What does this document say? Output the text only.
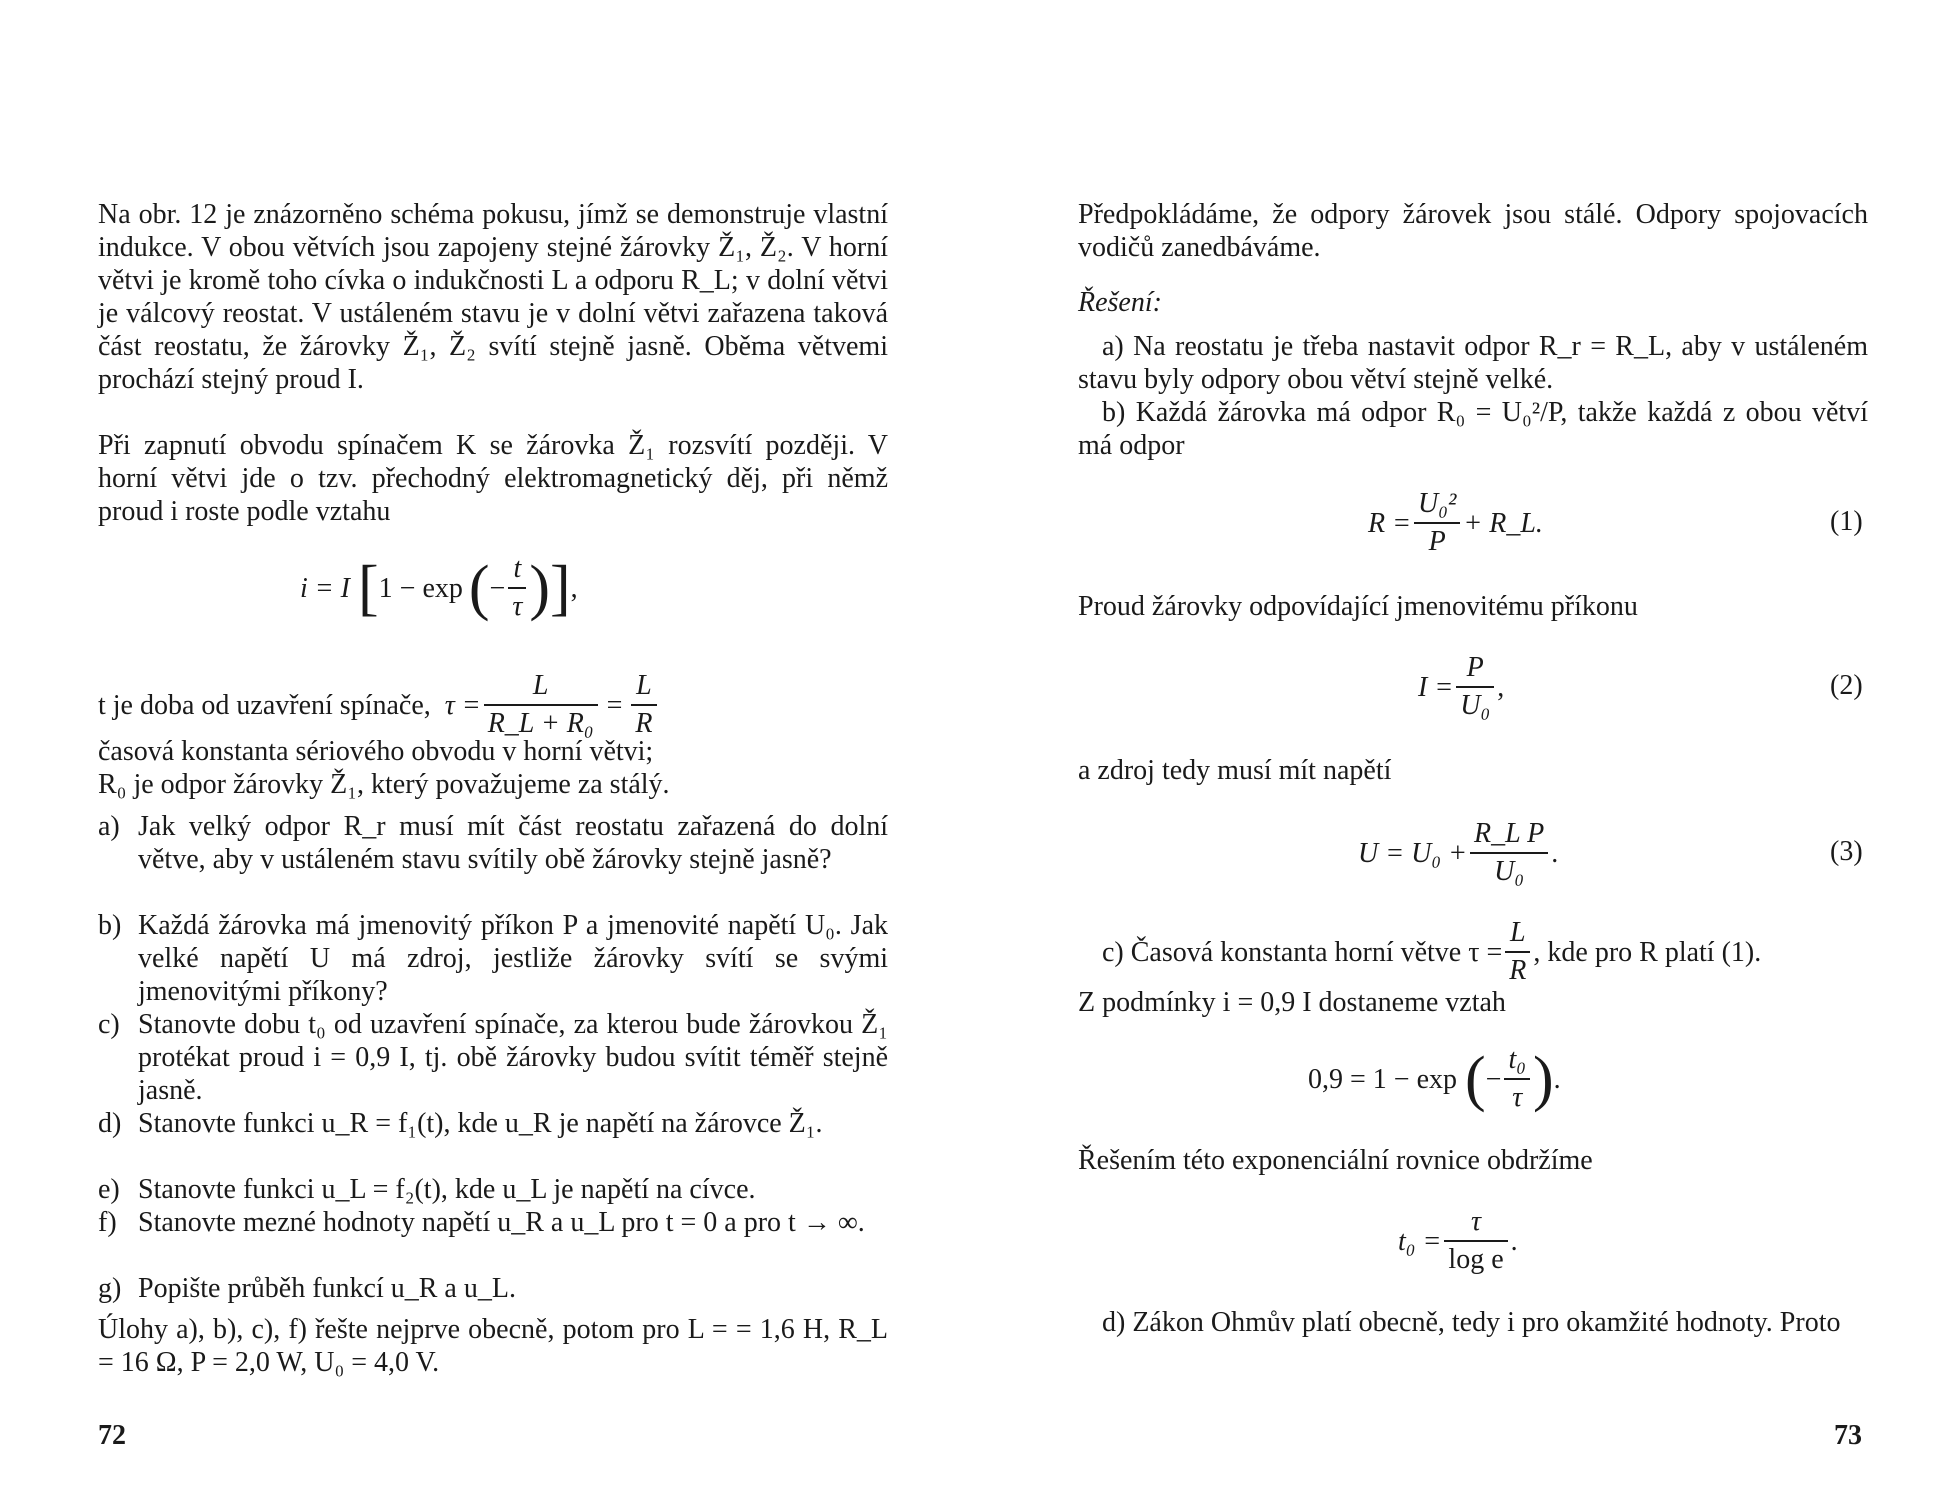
Na obr. 12 je znázorněno schéma pokusu, jímž se demonstruje vlastní indukce. V obou větvích jsou zapojeny stejné žárovky Ž₁, Ž₂. V horní větvi je kromě toho cívka o indukčnosti L a odporu R_L; v dolní větvi je válcový reostat. V ustáleném stavu je v dolní větvi zařazena taková část reostatu, že žárovky Ž₁, Ž₂ svítí stejně jasně. Oběma větvemi prochází stejný proud I.
Při zapnutí obvodu spínačem K se žárovka Ž₁ rozsvítí později. V horní větvi jde o tzv. přechodný elektromagnetický děj, při němž proud i roste podle vztahu
i = I [ 1 − exp ( − $\frac{t}{\tau}$ )] ,
t je doba od uzavření spínače, $\tau = \frac{L}{\text{R\_L + R₀}} = \frac{L}{R}$
časová konstanta sériového obvodu v horní větvi;
R₀ je odpor žárovky Ž₁, který považujeme za stálý.
a) Jak velký odpor R_r musí mít část reostatu zařazená do dolní větve, aby v ustáleném stavu svítily obě žárovky stejně jasně?
b) Každá žárovka má jmenovitý příkon P a jmenovité napětí U₀. Jak velké napětí U má zdroj, jestliže žárovky svítí se svými jmenovitými příkony?
c) Stanovte dobu t₀ od uzavření spínače, za kterou bude žárovkou Ž₁ protékat proud i = 0,9 I, tj. obě žárovky budou svítit téměř stejně jasně.
d) Stanovte funkci u_R = f₁(t), kde u_R je napětí na žárovce Ž₁.
e) Stanovte funkci u_L = f₂(t), kde u_L je napětí na cívce.
f) Stanovte mezné hodnoty napětí u_R a u_L pro t = 0 a pro t → ∞.
g) Popište průběh funkcí u_R a u_L.
Úlohy a), b), c), f) řešte nejprve obecně, potom pro L = = 1,6 H, R_L = 16 Ω, P = 2,0 W, U₀ = 4,0 V.
72
Předpokládáme, že odpory žárovek jsou stálé. Odpory spojovacích vodičů zanedbáváme.
Řešení:
a) Na reostatu je třeba nastavit odpor R_r = R_L, aby v ustáleném stavu byly odpory obou větví stejně velké.
b) Každá žárovka má odpor R₀ = U₀²/P, takže každá z obou větví má odpor
$R = \frac{\text{U₀²}}{P}$ + R_L.	(1)
Proud žárovky odpovídající jmenovitému příkonu
$I = \frac{P}{\text{U₀}}$ ,	(2)
a zdroj tedy musí mít napětí
$U = U_0 + \frac{\text{R\_L P}}{\text{U₀}}$ .	(3)
c) Časová konstanta horní větve $\tau = \frac{L}{R}$ , kde pro R platí (1).
Z podmínky i = 0,9 I dostaneme vztah
0,9 = 1 − exp ( − $\frac{\text{t₀}}{\tau}$ ) .
Řešením této exponenciální rovnice obdržíme
$t_0 = \frac{\tau}{\text{log e}}$ .
d) Zákon Ohmův platí obecně, tedy i pro okamžité hodnoty. Proto
73
